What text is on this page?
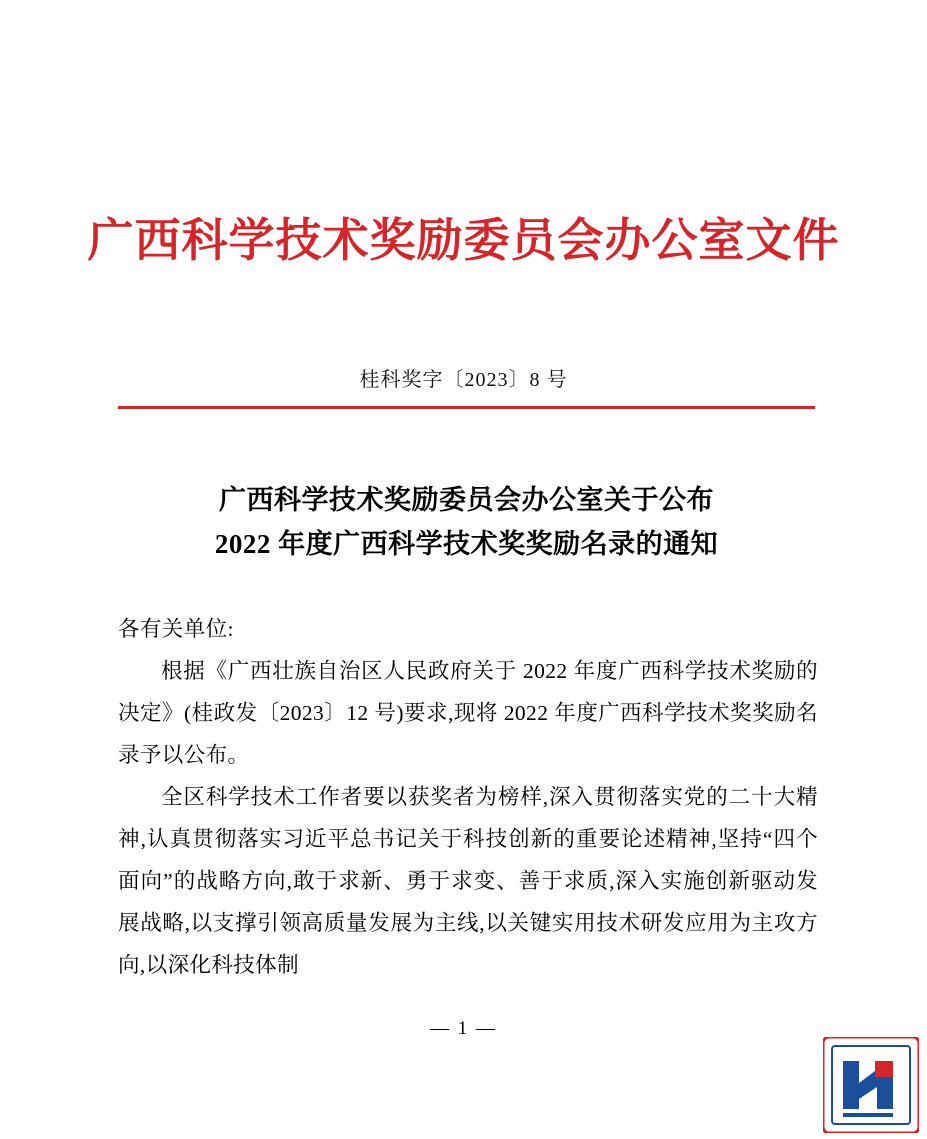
广西科学技术奖励委员会办公室文件
桂科奖字〔2023〕8 号
广西科学技术奖励委员会办公室关于公布
2022 年度广西科学技术奖奖励名录的通知

各有关单位:

根据《广西壮族自治区人民政府关于 2022 年度广西科学技术奖励的决定》(桂政发〔2023〕12 号)要求,现将 2022 年度广西科学技术奖奖励名录予以公布。

全区科学技术工作者要以获奖者为榜样,深入贯彻落实党的二十大精神,认真贯彻落实习近平总书记关于科技创新的重要论述精神,坚持“四个面向”的战略方向,敢于求新、勇于求变、善于求质,深入实施创新驱动发展战略,以支撑引领高质量发展为主线,以关键实用技术研发应用为主攻方向,以深化科技体制

— 1 —
